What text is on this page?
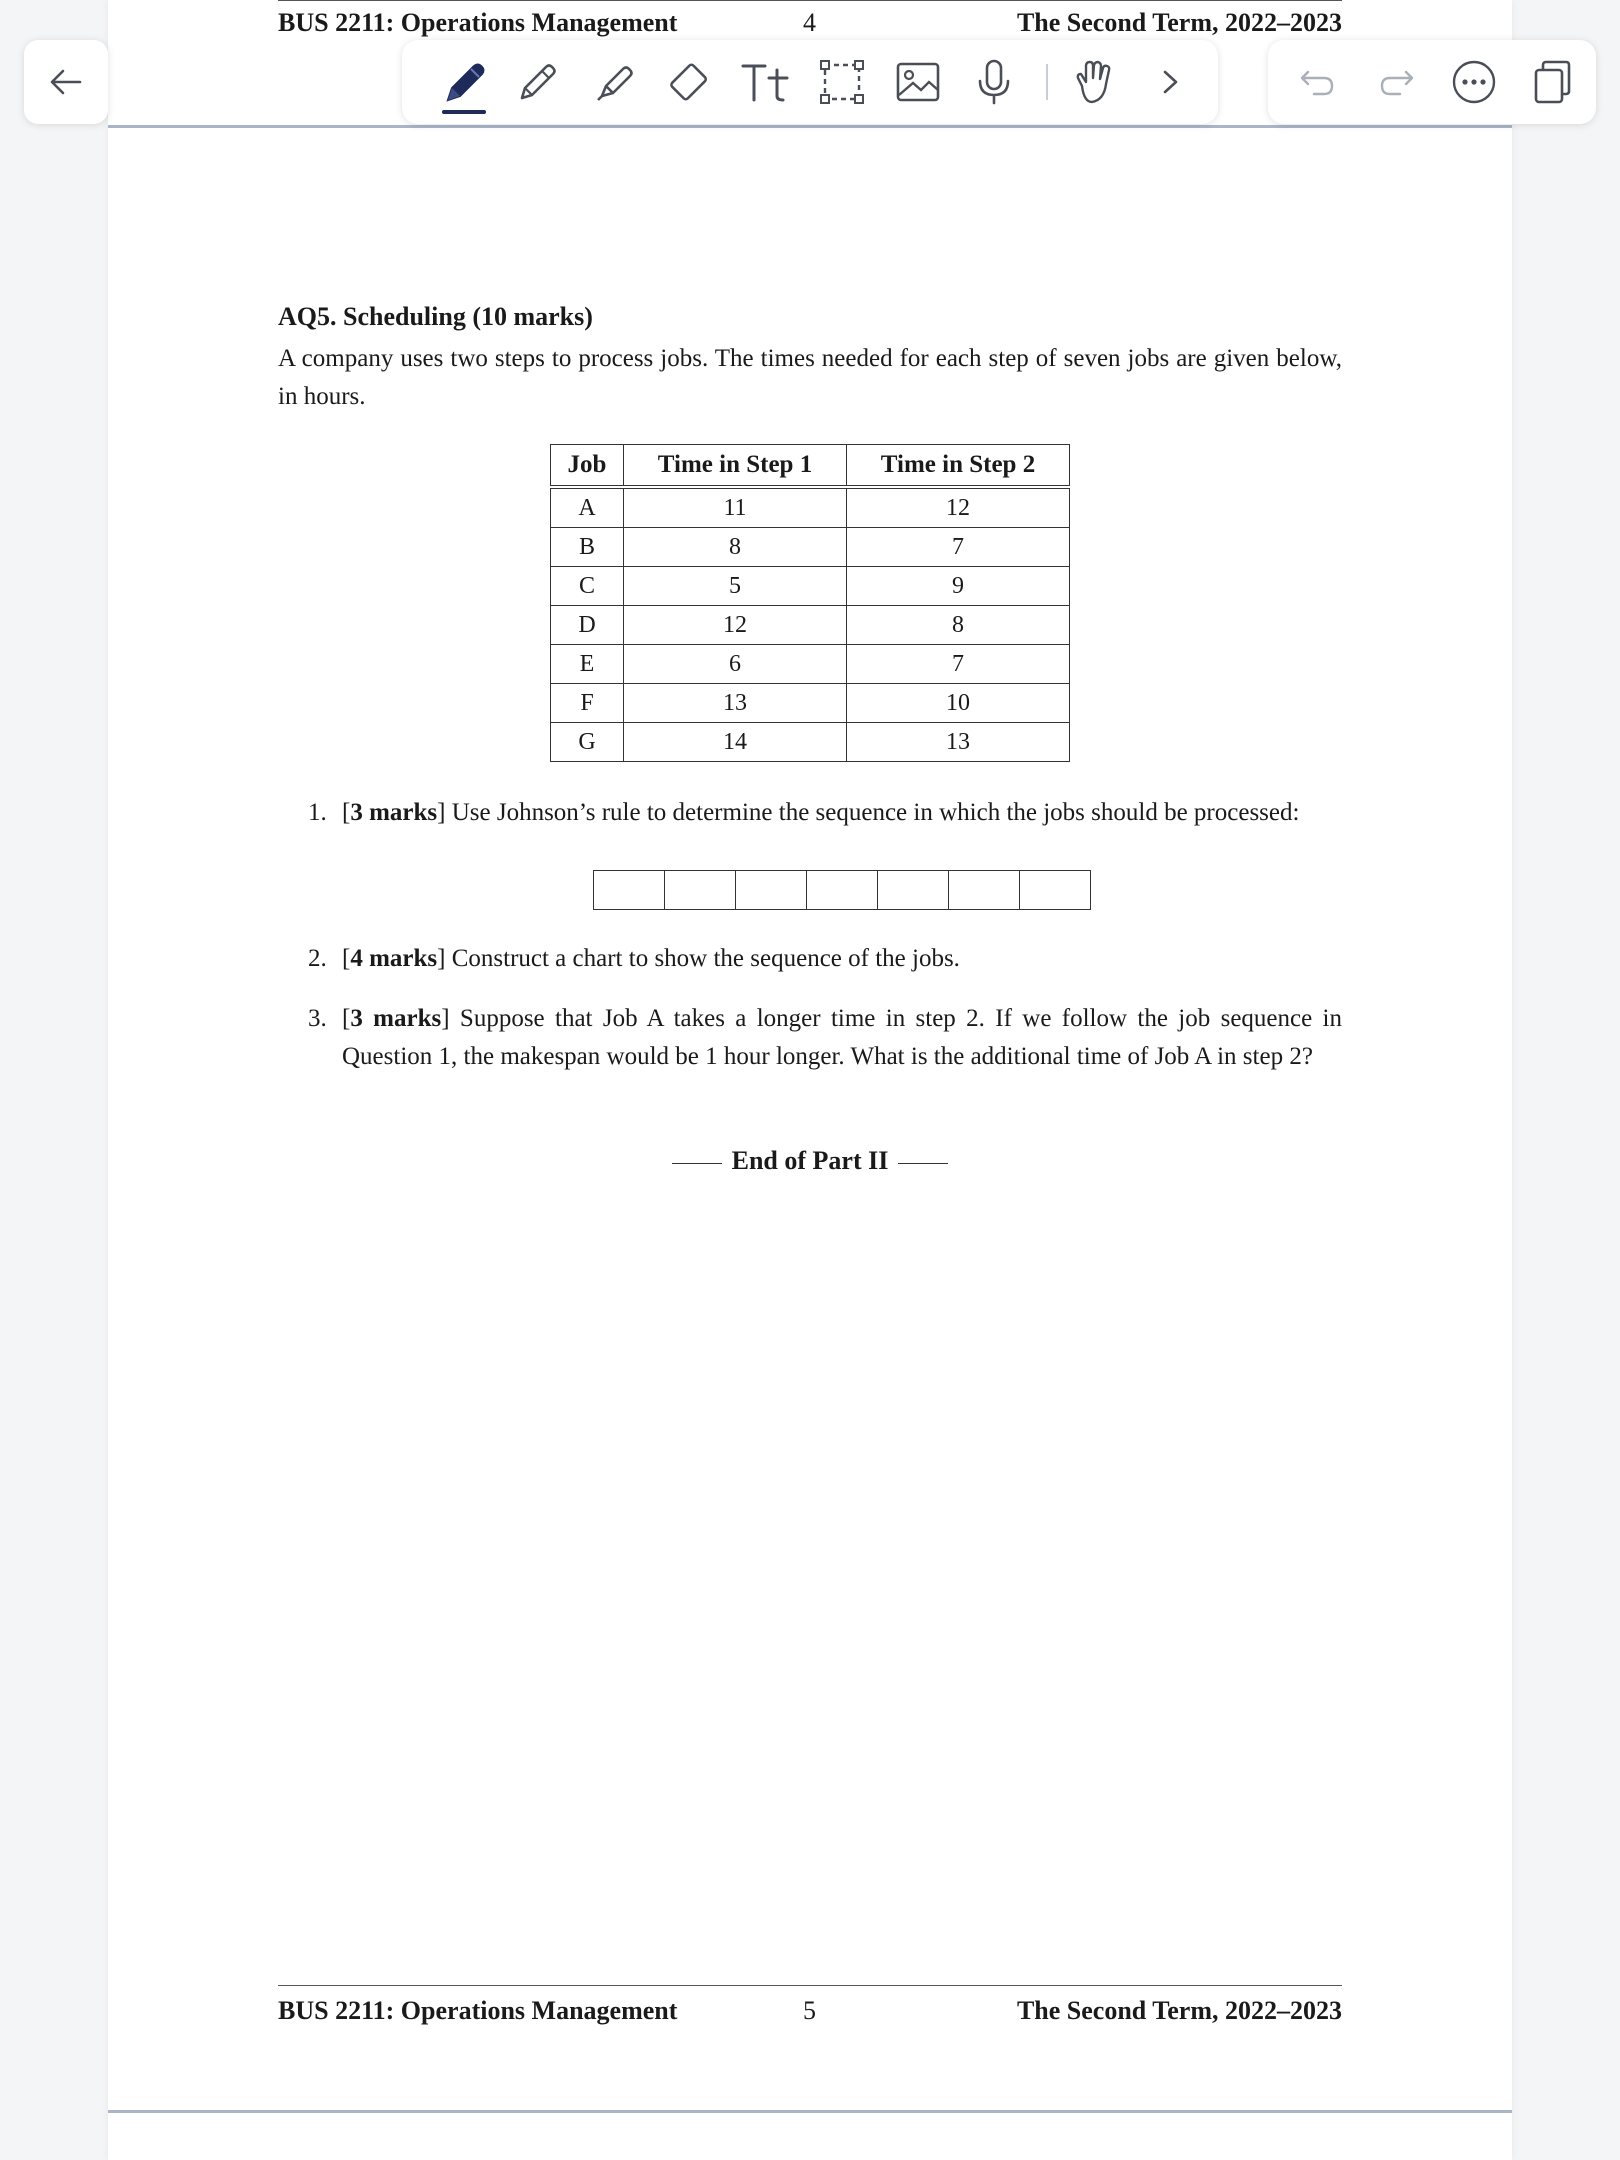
BUS 2211: Operations Management	4	The Second Term, 2022–2023
AQ5. Scheduling (10 marks)
A company uses two steps to process jobs. The times needed for each step of seven jobs are given below, in hours.
Job	Time in Step 1	Time in Step 2
A	11	12
B	8	7
C	5	9
D	12	8
E	6	7
F	13	10
G	14	13
1. [3 marks] Use Johnson’s rule to determine the sequence in which the jobs should be processed:
2. [4 marks] Construct a chart to show the sequence of the jobs.
3. [3 marks] Suppose that Job A takes a longer time in step 2. If we follow the job sequence in Question 1, the makespan would be 1 hour longer. What is the additional time of Job A in step 2?
End of Part II
BUS 2211: Operations Management	5	The Second Term, 2022–2023
